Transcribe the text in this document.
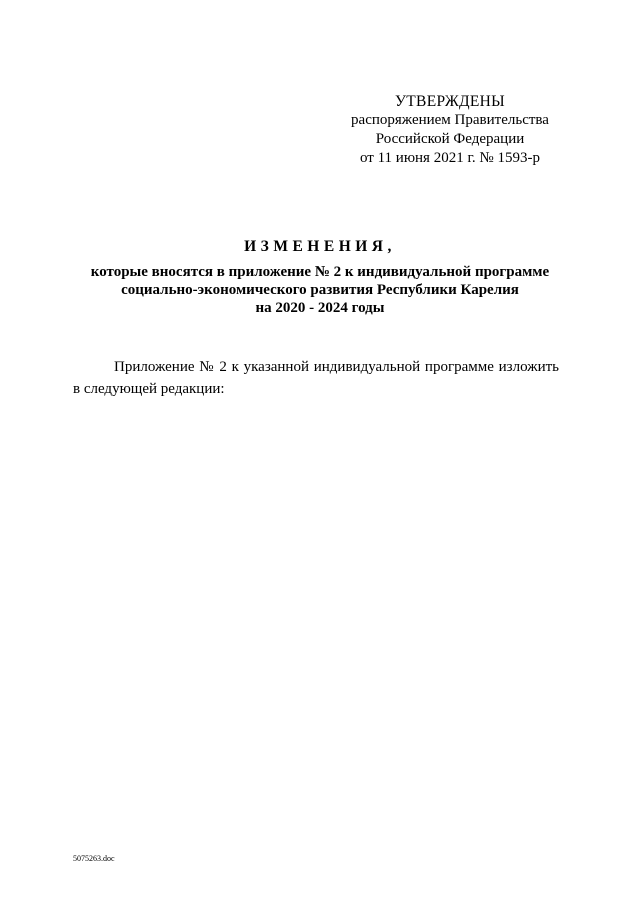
УТВЕРЖДЕНЫ
распоряжением Правительства
Российской Федерации
от 11 июня 2021 г. № 1593-р
ИЗМЕНЕНИЯ,
которые вносятся в приложение № 2 к индивидуальной программе
социально-экономического развития Республики Карелия
на 2020 - 2024 годы
Приложение № 2 к указанной индивидуальной программе изложить в следующей редакции:
5075263.doc
